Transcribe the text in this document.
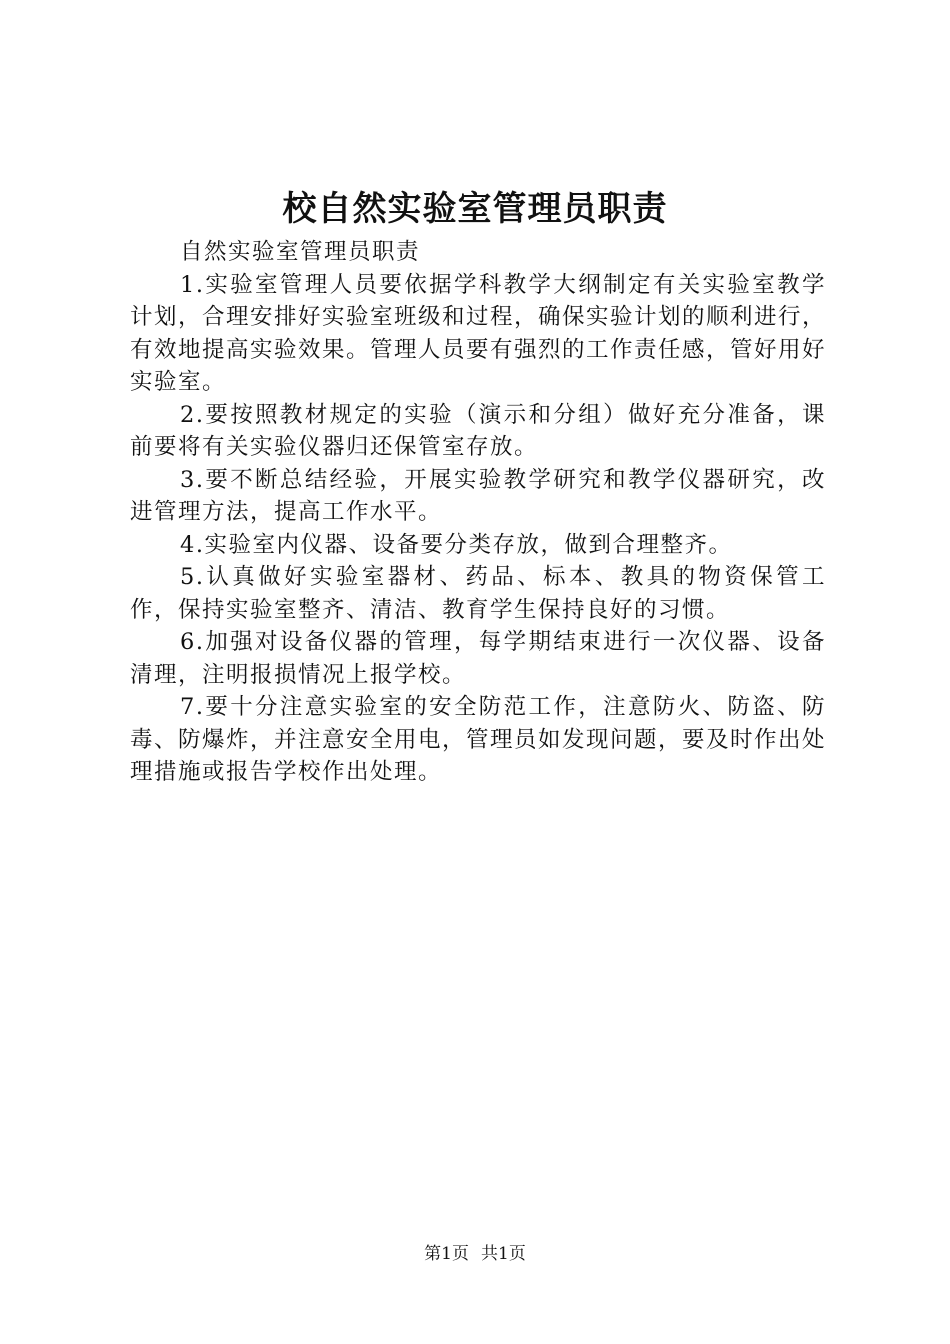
校自然实验室管理员职责

自然实验室管理员职责

1.实验室管理人员要依据学科教学大纲制定有关实验室教学计划，合理安排好实验室班级和过程，确保实验计划的顺利进行，有效地提高实验效果。管理人员要有强烈的工作责任感，管好用好实验室。

2.要按照教材规定的实验（演示和分组）做好充分准备，课前要将有关实验仪器归还保管室存放。

3.要不断总结经验，开展实验教学研究和教学仪器研究，改进管理方法，提高工作水平。

4.实验室内仪器、设备要分类存放，做到合理整齐。

5.认真做好实验室器材、药品、标本、教具的物资保管工作，保持实验室整齐、清洁、教育学生保持良好的习惯。

6.加强对设备仪器的管理，每学期结束进行一次仪器、设备清理，注明报损情况上报学校。

7.要十分注意实验室的安全防范工作，注意防火、防盗、防毒、防爆炸，并注意安全用电，管理员如发现问题，要及时作出处理措施或报告学校作出处理。

第1页 共1页
